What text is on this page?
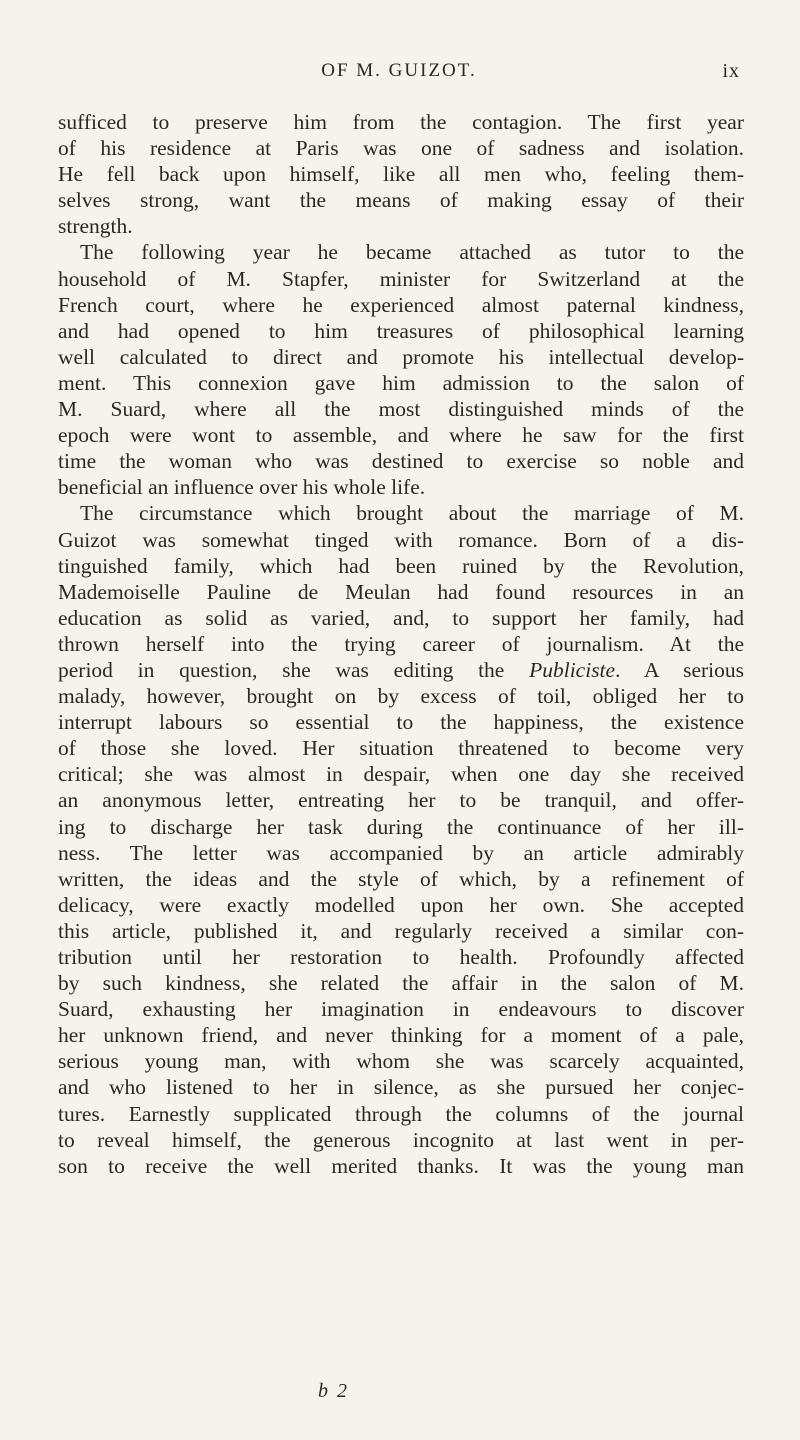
OF M. GUIZOT.	ix
sufficed to preserve him from the contagion. The first year
of his residence at Paris was one of sadness and isolation.
He fell back upon himself, like all men who, feeling them-
selves strong, want the means of making essay of their
strength.
The following year he became attached as tutor to the
household of M. Stapfer, minister for Switzerland at the
French court, where he experienced almost paternal kindness,
and had opened to him treasures of philosophical learning
well calculated to direct and promote his intellectual develop-
ment. This connexion gave him admission to the salon of
M. Suard, where all the most distinguished minds of the
epoch were wont to assemble, and where he saw for the first
time the woman who was destined to exercise so noble and
beneficial an influence over his whole life.
The circumstance which brought about the marriage of M.
Guizot was somewhat tinged with romance. Born of a dis-
tinguished family, which had been ruined by the Revolution,
Mademoiselle Pauline de Meulan had found resources in an
education as solid as varied, and, to support her family, had
thrown herself into the trying career of journalism. At the
period in question, she was editing the Publiciste. A serious
malady, however, brought on by excess of toil, obliged her to
interrupt labours so essential to the happiness, the existence
of those she loved. Her situation threatened to become very
critical; she was almost in despair, when one day she received
an anonymous letter, entreating her to be tranquil, and offer-
ing to discharge her task during the continuance of her ill-
ness. The letter was accompanied by an article admirably
written, the ideas and the style of which, by a refinement of
delicacy, were exactly modelled upon her own. She accepted
this article, published it, and regularly received a similar con-
tribution until her restoration to health. Profoundly affected
by such kindness, she related the affair in the salon of M.
Suard, exhausting her imagination in endeavours to discover
her unknown friend, and never thinking for a moment of a pale,
serious young man, with whom she was scarcely acquainted,
and who listened to her in silence, as she pursued her conjec-
tures. Earnestly supplicated through the columns of the journal
to reveal himself, the generous incognito at last went in per-
son to receive the well merited thanks. It was the young man
b 2
